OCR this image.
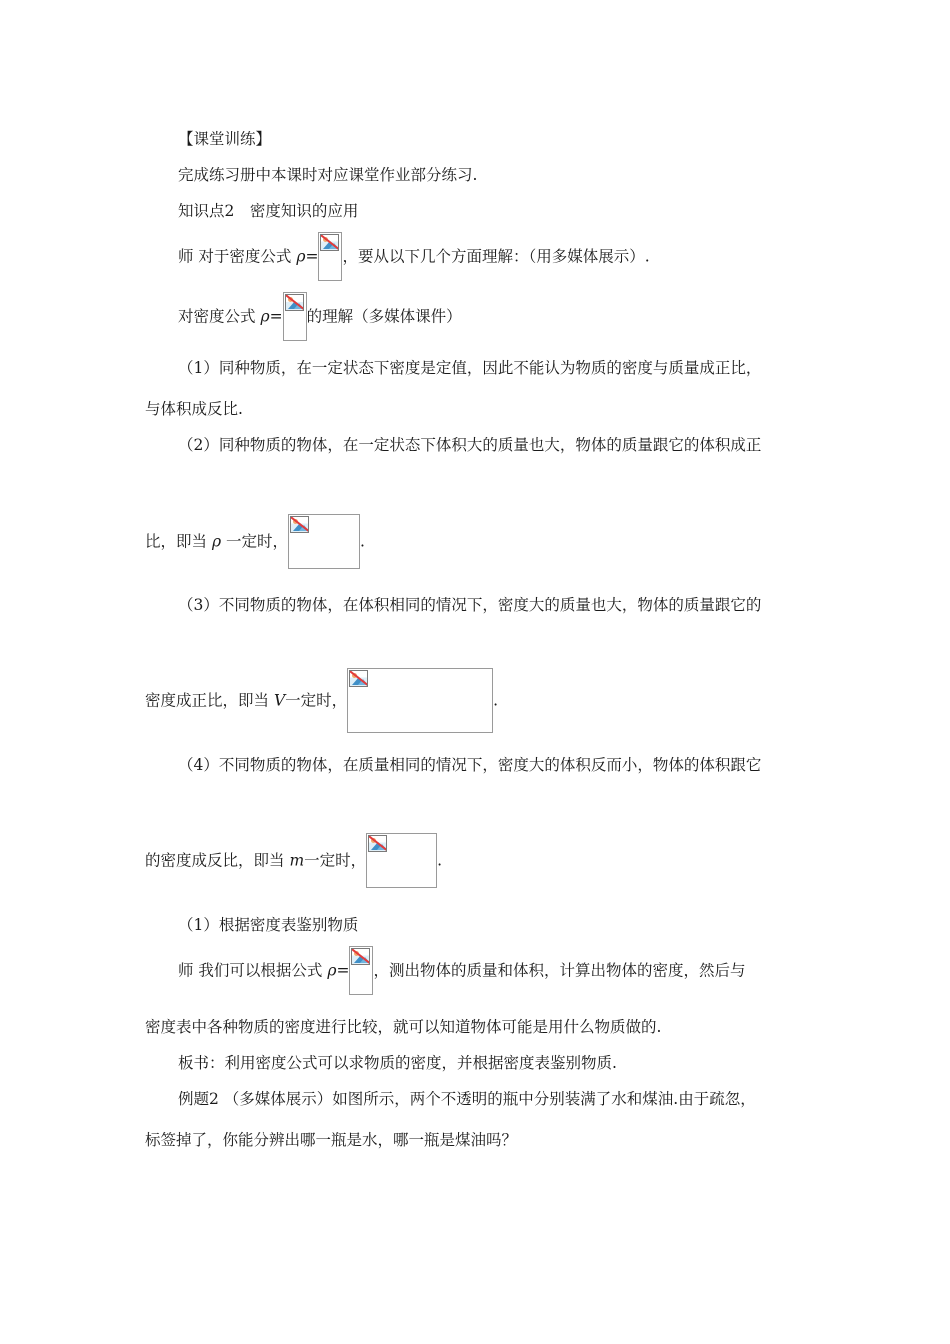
【课堂训练】
完成练习册中本课时对应课堂作业部分练习.
知识点2　密度知识的应用
师 对于密度公式 ρ= ，要从以下几个方面理解：（用多媒体展示）.
对密度公式 ρ= 的理解（多媒体课件）
（1）同种物质，在一定状态下密度是定值，因此不能认为物质的密度与质量成正比，
与体积成反比.
（2）同种物质的物体，在一定状态下体积大的质量也大，物体的质量跟它的体积成正
比，即当 ρ 一定时，	.
（3）不同物质的物体，在体积相同的情况下，密度大的质量也大，物体的质量跟它的
密度成正比，即当 V一定时，	.
（4）不同物质的物体，在质量相同的情况下，密度大的体积反而小，物体的体积跟它
的密度成反比，即当 m一定时，	.
（1）根据密度表鉴别物质
师 我们可以根据公式 ρ= ，测出物体的质量和体积，计算出物体的密度，然后与
密度表中各种物质的密度进行比较，就可以知道物体可能是用什么物质做的.
板书：利用密度公式可以求物质的密度，并根据密度表鉴别物质.
例题2 （多媒体展示）如图所示，两个不透明的瓶中分别装满了水和煤油.由于疏忽，
标签掉了，你能分辨出哪一瓶是水，哪一瓶是煤油吗？
